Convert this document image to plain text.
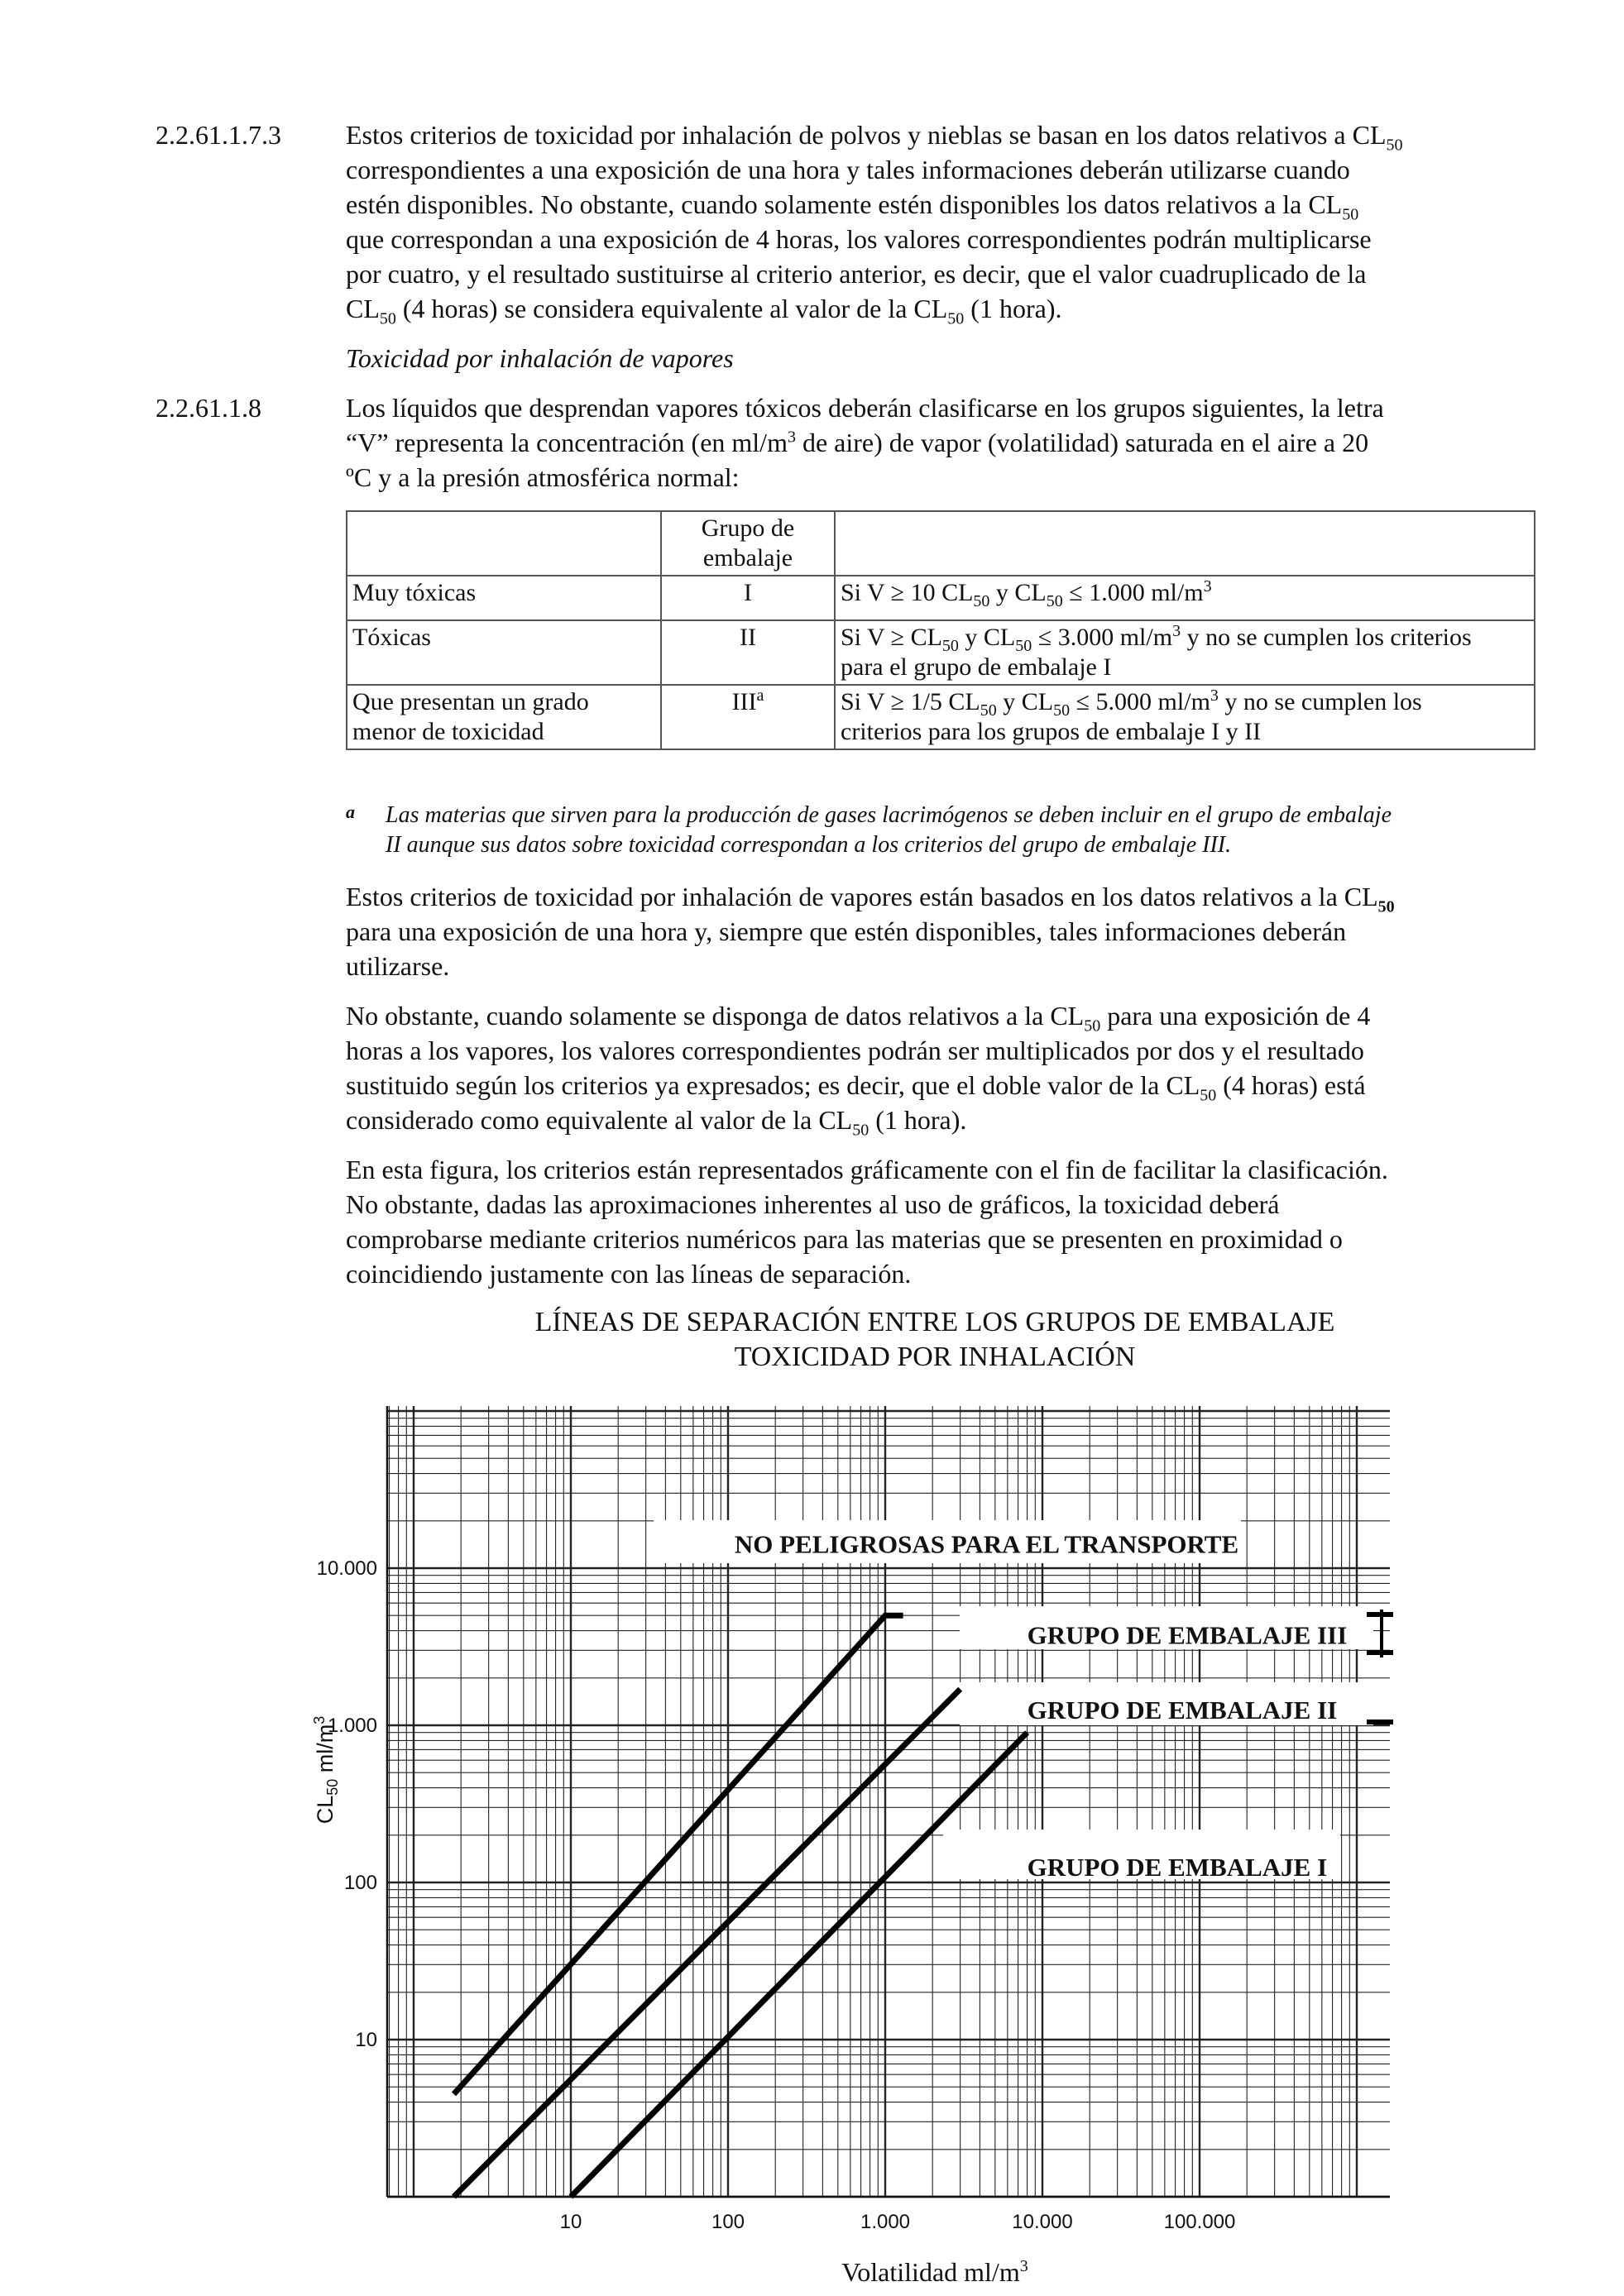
2.2.61.1.7.3 Estos criterios de toxicidad por inhalación de polvos y nieblas se basan en los datos relativos a $CL_{50}$
correspondientes a una exposición de una hora y tales informaciones deberán utilizarse cuando
estén disponibles. No obstante, cuando solamente estén disponibles los datos relativos a la $CL_{50}$
que correspondan a una exposición de 4 horas, los valores correspondientes podrán multiplicarse
por cuatro, y el resultado sustituirse al criterio anterior, es decir, que el valor cuadruplicado de la
$CL_{50}$ (4 horas) se considera equivalente al valor de la $CL_{50}$ (1 hora).
Toxicidad por inhalación de vapores
2.2.61.1.8	Los líquidos que desprendan vapores tóxicos deberán clasificarse en los grupos siguientes, la letra
“V” representa la concentración (en $ml/m^3$ de aire) de vapor (volatilidad) saturada en el aire a 20
ºC y a la presión atmosférica normal:
	Grupo de
embalaje	
Muy tóxicas	I	Si V ≥ 10 $CL_{50}$ y $CL_{50} \le 1.000$ $ml/m^3$
Tóxicas	II	Si $V \ge CL_{50}$ y $CL_{50} \le 3.000$ $ml/m^3$ y no se cumplen los criterios
para el grupo de embalaje I
Que presentan un grado
menor de toxicidad	III$^a$	Si V ≥ 1/5 $CL_{50}$ y $CL_{50} \le 5.000$ $ml/m^3$ y no se cumplen los
criterios para los grupos de embalaje I y II
a Las materias que sirven para la producción de gases lacrimógenos se deben incluir en el grupo de embalaje
II aunque sus datos sobre toxicidad correspondan a los criterios del grupo de embalaje III.
Estos criterios de toxicidad por inhalación de vapores están basados en los datos relativos a la $CL_{50}$
para una exposición de una hora y, siempre que estén disponibles, tales informaciones deberán
utilizarse.
No obstante, cuando solamente se disponga de datos relativos a la $CL_{50}$ para una exposición de 4
horas a los vapores, los valores correspondientes podrán ser multiplicados por dos y el resultado
sustituido según los criterios ya expresados; es decir, que el doble valor de la $CL_{50}$ (4 horas) está
considerado como equivalente al valor de la $CL_{50}$ (1 hora).
En esta figura, los criterios están representados gráficamente con el fin de facilitar la clasificación.
No obstante, dadas las aproximaciones inherentes al uso de gráficos, la toxicidad deberá
comprobarse mediante criterios numéricos para las materias que se presenten en proximidad o
coincidiendo justamente con las líneas de separación.
LÍNEAS DE SEPARACIÓN ENTRE LOS GRUPOS DE EMBALAJE
TOXICIDAD POR INHALACIÓN
10	100	1.000	10.000	100.000
10
100
1.000
10.000
$CL_{50}$ $ml/m^3$
Volatilidad $ml/m^3$
NO PELIGROSAS PARA EL TRANSPORTE
GRUPO DE EMBALAJE III
GRUPO DE EMBALAJE II
GRUPO DE EMBALAJE I
